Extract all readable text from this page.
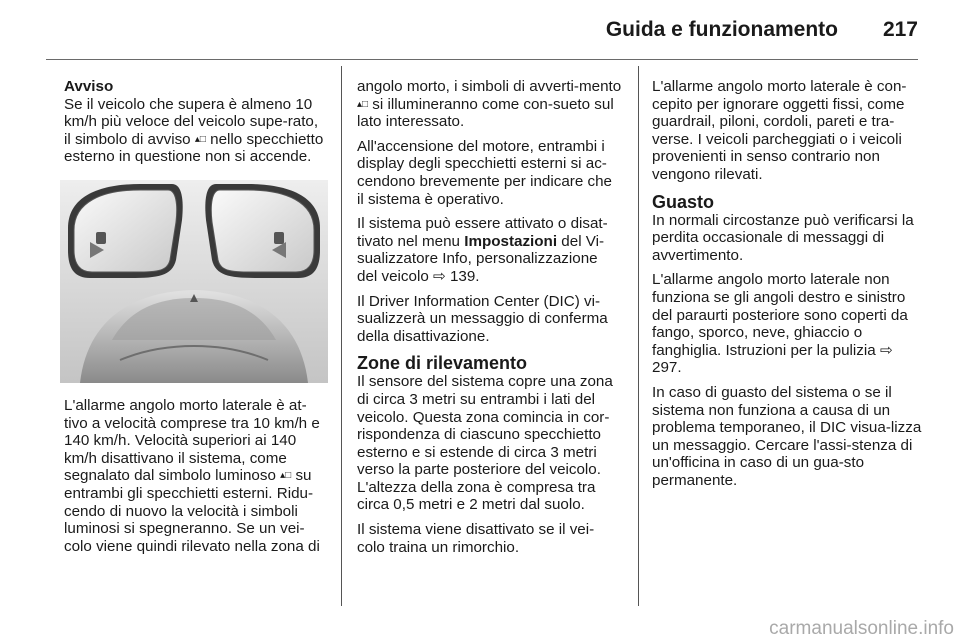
Guida e funzionamento 217

Avviso

Se il veicolo che supera è almeno 10 km/h più veloce del veicolo supe-rato, il simbolo di avviso ▴□ nello specchietto esterno in questione non si accende.

L'allarme angolo morto laterale è at-tivo a velocità comprese tra 10 km/h e 140 km/h. Velocità superiori ai 140 km/h disattivano il sistema, come segnalato dal simbolo luminoso ▴□ su entrambi gli specchietti esterni. Ridu-cendo di nuovo la velocità i simboli luminosi si spegneranno. Se un vei-colo viene quindi rilevato nella zona di

angolo morto, i simboli di avverti-mento ▴□ si illumineranno come con-sueto sul lato interessato.

All'accensione del motore, entrambi i display degli specchietti esterni si ac-cendono brevemente per indicare che il sistema è operativo.

Il sistema può essere attivato o disat-tivato nel menu Impostazioni del Vi-sualizzatore Info, personalizzazione del veicolo ⇨ 139.

Il Driver Information Center (DIC) vi-sualizzerà un messaggio di conferma della disattivazione.

Zone di rilevamento

Il sensore del sistema copre una zona di circa 3 metri su entrambi i lati del veicolo. Questa zona comincia in cor-rispondenza di ciascuno specchietto esterno e si estende di circa 3 metri verso la parte posteriore del veicolo. L'altezza della zona è compresa tra circa 0,5 metri e 2 metri dal suolo.

Il sistema viene disattivato se il vei-colo traina un rimorchio.

L'allarme angolo morto laterale è con-cepito per ignorare oggetti fissi, come guardrail, piloni, cordoli, pareti e tra-verse. I veicoli parcheggiati o i veicoli provenienti in senso contrario non vengono rilevati.

Guasto

In normali circostanze può verificarsi la perdita occasionale di messaggi di avvertimento.

L'allarme angolo morto laterale non funziona se gli angoli destro e sinistro del paraurti posteriore sono coperti da fango, sporco, neve, ghiaccio o fanghiglia. Istruzioni per la pulizia ⇨ 297.

In caso di guasto del sistema o se il sistema non funziona a causa di un problema temporaneo, il DIC visua-lizza un messaggio. Cercare l'assi-stenza di un'officina in caso di un gua-sto permanente.

carmanualsonline.info
